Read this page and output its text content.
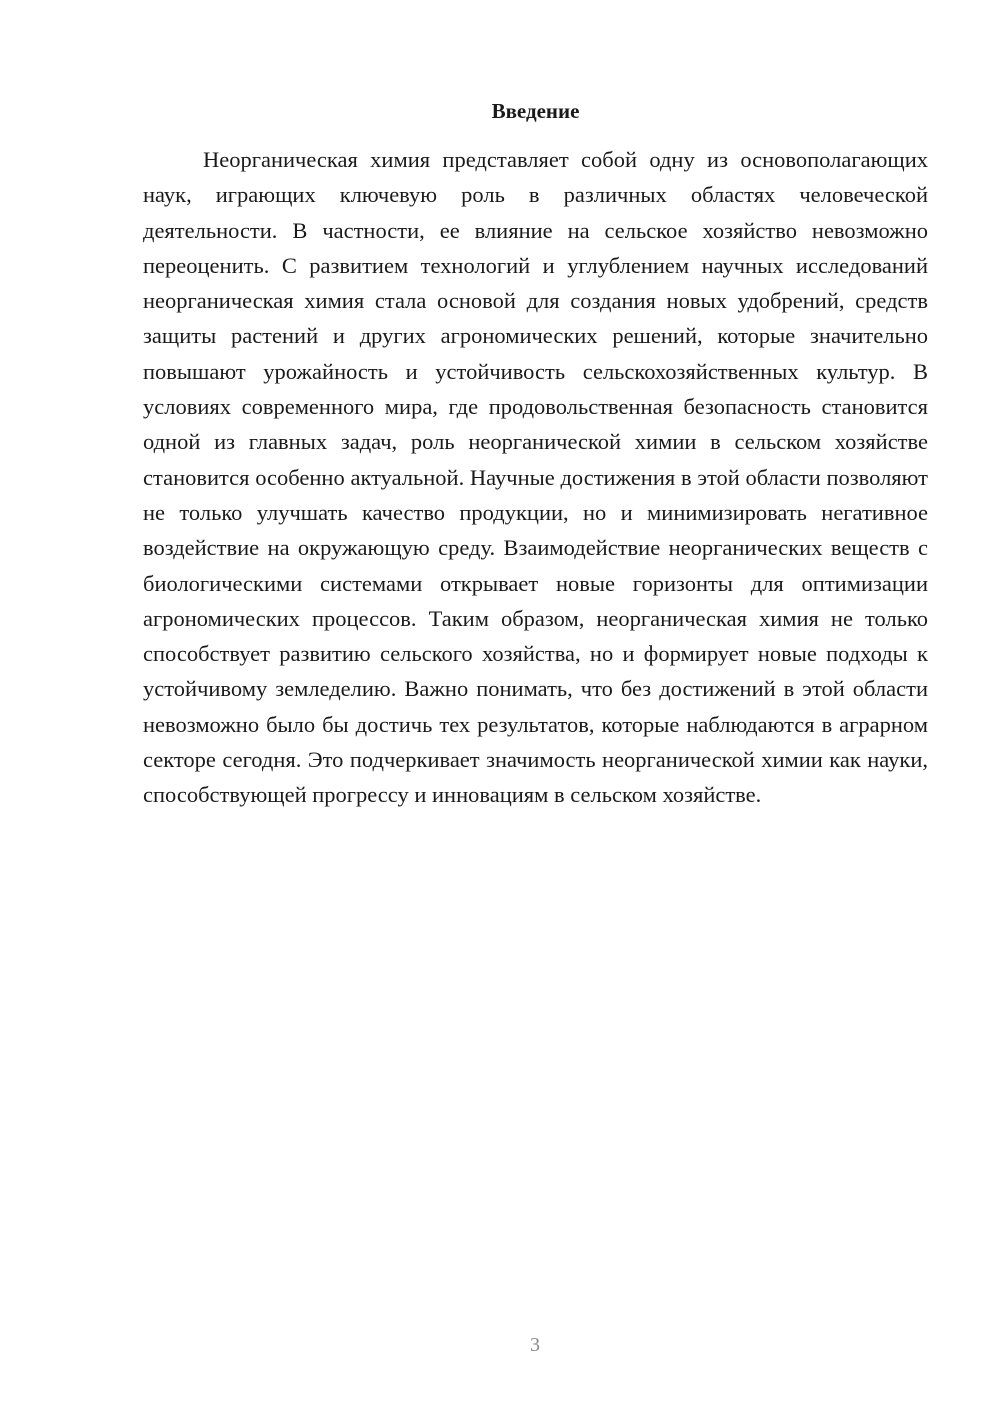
Введение

Неорганическая химия представляет собой одну из основополагающих наук, играющих ключевую роль в различных областях человеческой деятельности. В частности, ее влияние на сельское хозяйство невозможно переоценить. С развитием технологий и углублением научных исследований неорганическая химия стала основой для создания новых удобрений, средств защиты растений и других агрономических решений, которые значительно повышают урожайность и устойчивость сельскохозяйственных культур. В условиях современного мира, где продовольственная безопасность становится одной из главных задач, роль неорганической химии в сельском хозяйстве становится особенно актуальной. Научные достижения в этой области позволяют не только улучшать качество продукции, но и минимизировать негативное воздействие на окружающую среду. Взаимодействие неорганических веществ с биологическими системами открывает новые горизонты для оптимизации агрономических процессов. Таким образом, неорганическая химия не только способствует развитию сельского хозяйства, но и формирует новые подходы к устойчивому земледелию. Важно понимать, что без достижений в этой области невозможно было бы достичь тех результатов, которые наблюдаются в аграрном секторе сегодня. Это подчеркивает значимость неорганической химии как науки, способствующей прогрессу и инновациям в сельском хозяйстве.

3
